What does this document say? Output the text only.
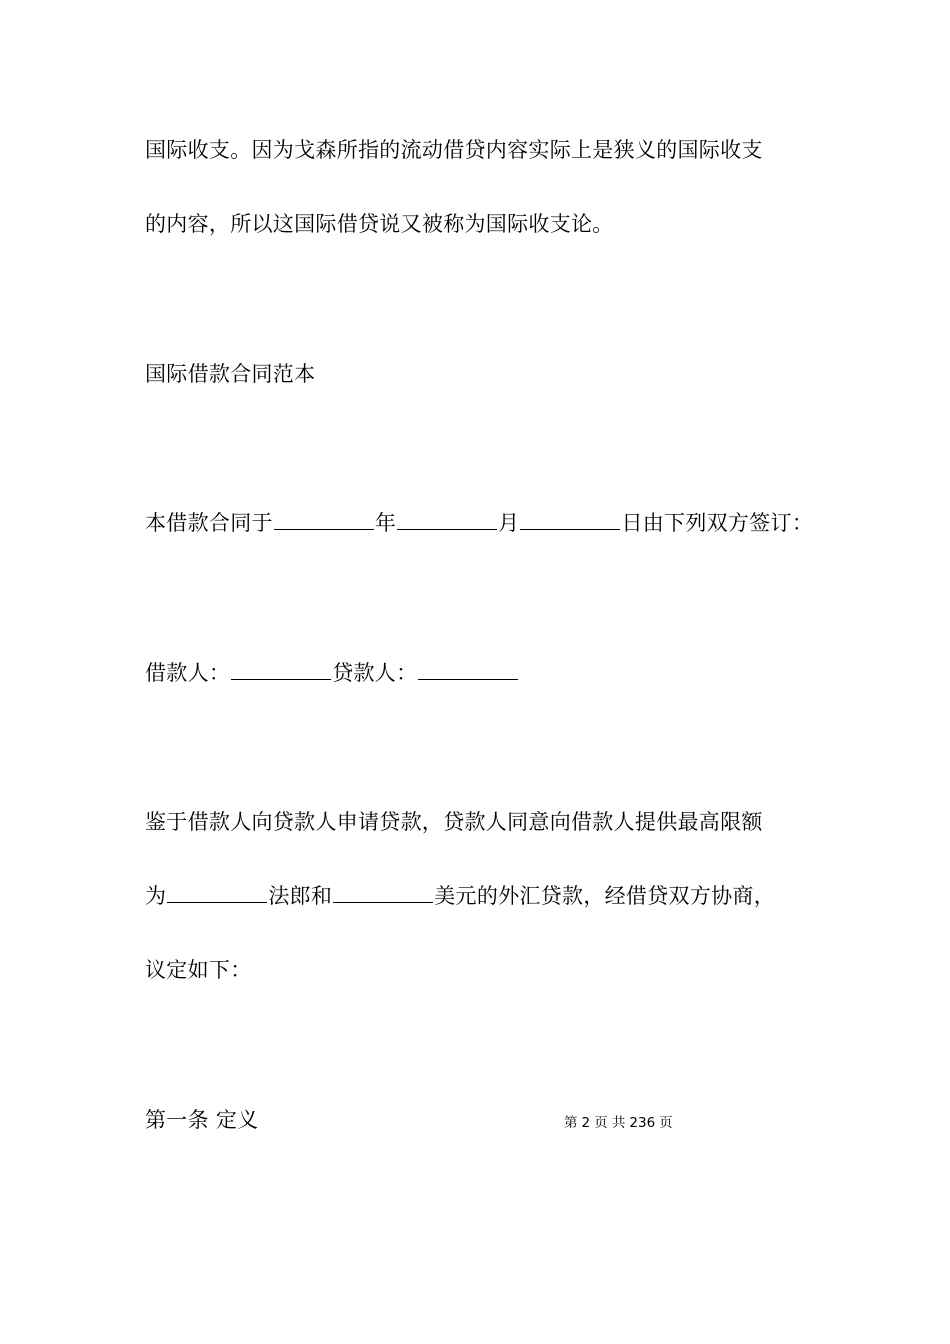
国际收支。因为戈森所指的流动借贷内容实际上是狭义的国际收支
的内容，所以这国际借贷说又被称为国际收支论。
国际借款合同范本
本借款合同于	年	月	日由下列双方签订：
借款人：	贷款人：
鉴于借款人向贷款人申请贷款，贷款人同意向借款人提供最高限额
为	法郎和	美元的外汇贷款，经借贷双方协商，
议定如下：
第一条 定义	第 2 页 共 236 页
